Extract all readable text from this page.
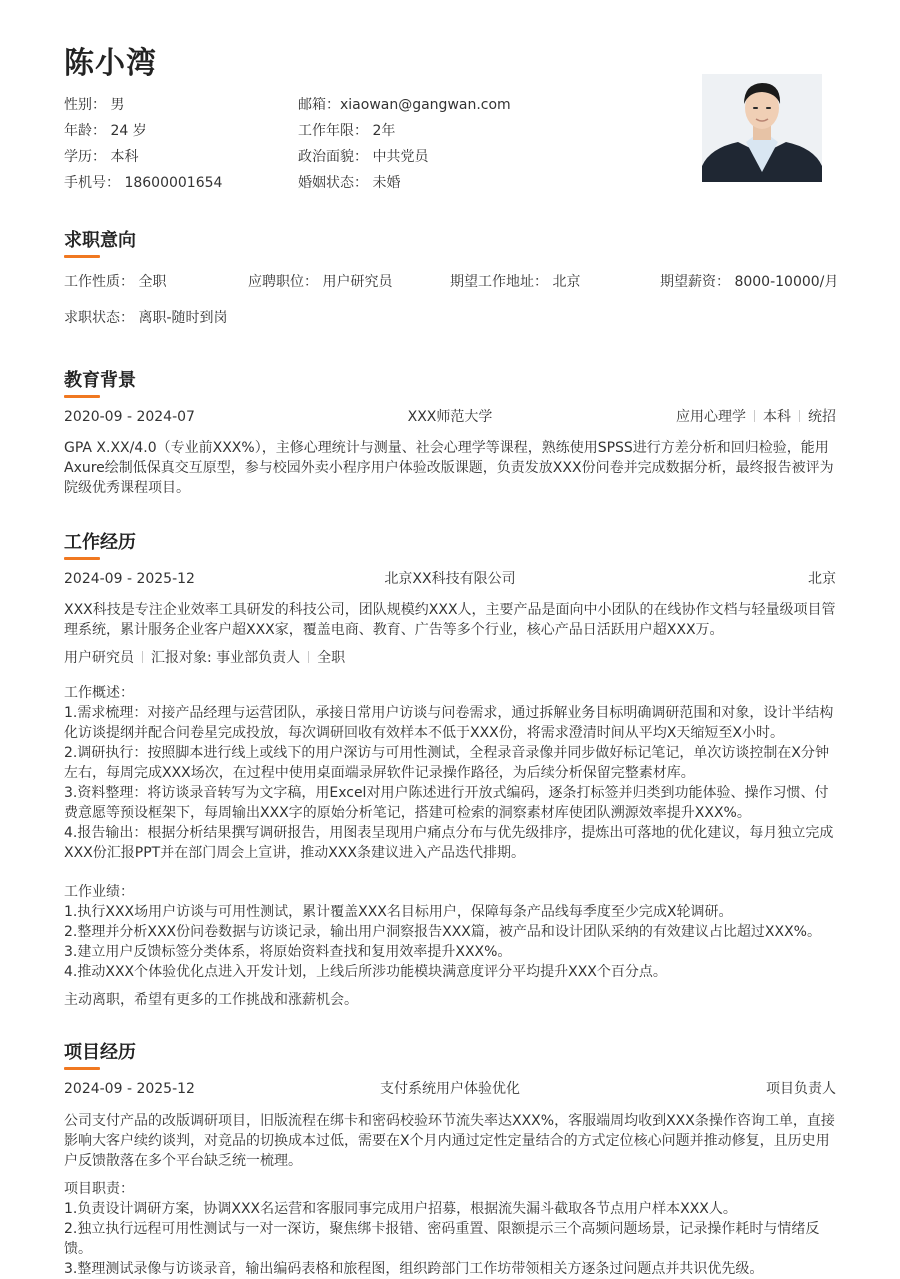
陈小湾
性别： 男	邮箱：xiaowan@gangwan.com
年龄： 24 岁	工作年限： 2年
学历： 本科	政治面貌： 中共党员
手机号： 18600001654	婚姻状态： 未婚
求职意向
工作性质： 全职	应聘职位： 用户研究员	期望工作地址： 北京	期望薪资： 8000-10000/月
求职状态： 离职-随时到岗
教育背景
2020-09 - 2024-07	XXX师范大学	应用心理学 本科 统招
GPA X.XX/4.0（专业前XXX%），主修心理统计与测量、社会心理学等课程，熟练使用SPSS进行方差分析和回归检验，能用Axure绘制低保真交互原型，参与校园外卖小程序用户体验改版课题，负责发放XXX份问卷并完成数据分析，最终报告被评为院级优秀课程项目。
工作经历
2024-09 - 2025-12	北京XX科技有限公司	北京
XXX科技是专注企业效率工具研发的科技公司，团队规模约XXX人，主要产品是面向中小团队的在线协作文档与轻量级项目管理系统，累计服务企业客户超XXX家，覆盖电商、教育、广告等多个行业，核心产品日活跃用户超XXX万。
用户研究员 汇报对象: 事业部负责人 全职
工作概述：
1.需求梳理：对接产品经理与运营团队，承接日常用户访谈与问卷需求，通过拆解业务目标明确调研范围和对象，设计半结构化访谈提纲并配合问卷星完成投放，每次调研回收有效样本不低于XXX份，将需求澄清时间从平均X天缩短至X小时。
2.调研执行：按照脚本进行线上或线下的用户深访与可用性测试，全程录音录像并同步做好标记笔记，单次访谈控制在X分钟左右，每周完成XXX场次，在过程中使用桌面端录屏软件记录操作路径，为后续分析保留完整素材库。
3.资料整理：将访谈录音转写为文字稿，用Excel对用户陈述进行开放式编码，逐条打标签并归类到功能体验、操作习惯、付费意愿等预设框架下，每周输出XXX字的原始分析笔记，搭建可检索的洞察素材库使团队溯源效率提升XXX%。
4.报告输出：根据分析结果撰写调研报告，用图表呈现用户痛点分布与优先级排序，提炼出可落地的优化建议，每月独立完成XXX份汇报PPT并在部门周会上宣讲，推动XXX条建议进入产品迭代排期。
工作业绩：
1.执行XXX场用户访谈与可用性测试，累计覆盖XXX名目标用户，保障每条产品线每季度至少完成X轮调研。
2.整理并分析XXX份问卷数据与访谈记录，输出用户洞察报告XXX篇，被产品和设计团队采纳的有效建议占比超过XXX%。
3.建立用户反馈标签分类体系，将原始资料查找和复用效率提升XXX%。
4.推动XXX个体验优化点进入开发计划，上线后所涉功能模块满意度评分平均提升XXX个百分点。
主动离职，希望有更多的工作挑战和涨薪机会。
项目经历
2024-09 - 2025-12	支付系统用户体验优化	项目负责人
公司支付产品的改版调研项目，旧版流程在绑卡和密码校验环节流失率达XXX%，客服端周均收到XXX条操作咨询工单，直接影响大客户续约谈判，对竞品的切换成本过低，需要在X个月内通过定性定量结合的方式定位核心问题并推动修复，且历史用户反馈散落在多个平台缺乏统一梳理。
项目职责：
1.负责设计调研方案，协调XXX名运营和客服同事完成用户招募，根据流失漏斗截取各节点用户样本XXX人。
2.独立执行远程可用性测试与一对一深访，聚焦绑卡报错、密码重置、限额提示三个高频问题场景，记录操作耗时与情绪反馈。
3.整理测试录像与访谈录音，输出编码表格和旅程图，组织跨部门工作坊带领相关方逐条过问题点并共识优先级。
